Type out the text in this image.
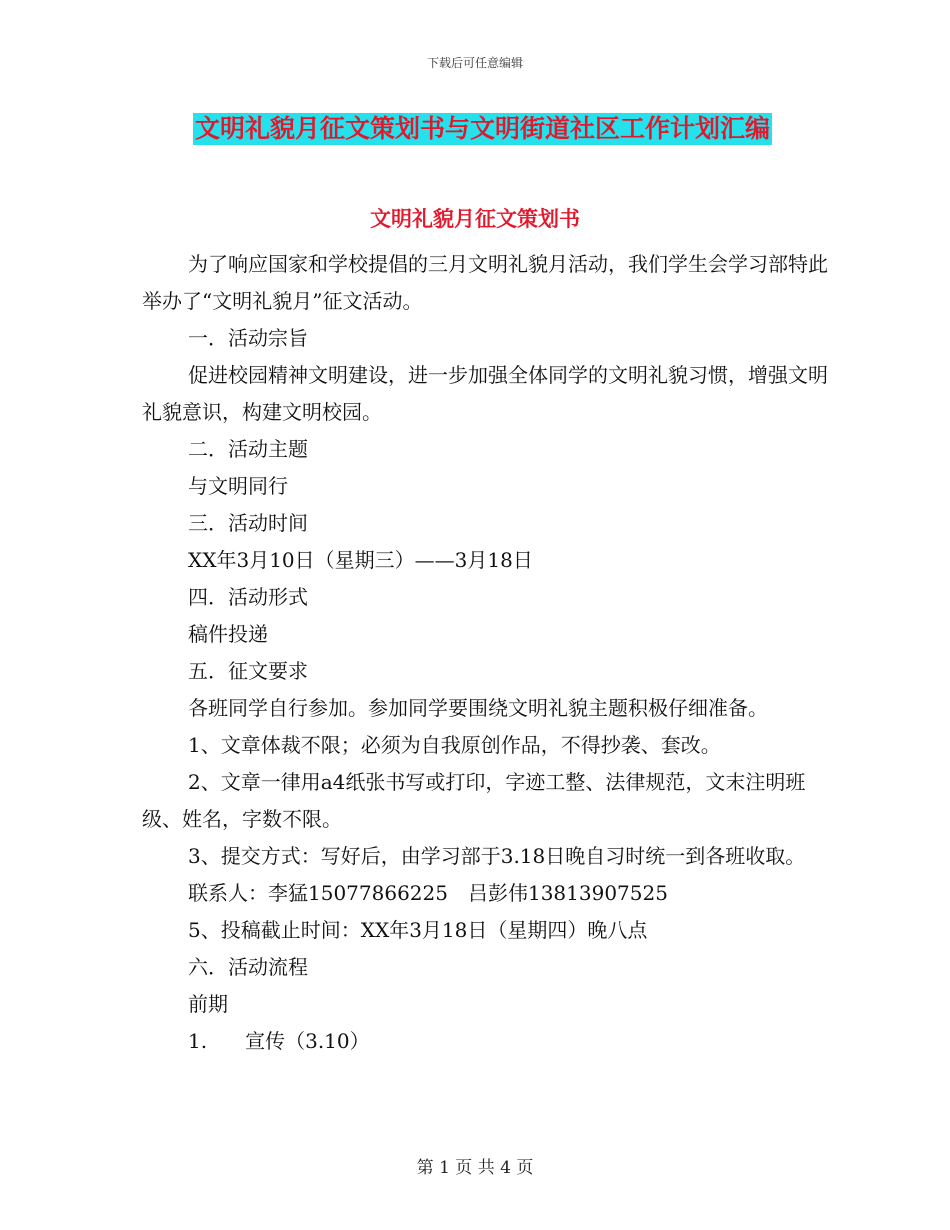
下载后可任意编辑
文明礼貌月征文策划书与文明街道社区工作计划汇编
文明礼貌月征文策划书

为了响应国家和学校提倡的三月文明礼貌月活动，我们学生会学习部特此举办了“文明礼貌月”征文活动。

一．活动宗旨

促进校园精神文明建设，进一步加强全体同学的文明礼貌习惯，增强文明礼貌意识，构建文明校园。

二．活动主题

与文明同行

三．活动时间

XX年3月10日（星期三）——3月18日

四．活动形式

稿件投递

五．征文要求

各班同学自行参加。参加同学要围绕文明礼貌主题积极仔细准备。

1、文章体裁不限；必须为自我原创作品，不得抄袭、套改。

2、文章一律用a4纸张书写或打印，字迹工整、法律规范，文末注明班级、姓名，字数不限。

3、提交方式：写好后，由学习部于3.18日晚自习时统一到各班收取。

联系人：李猛15077866225　吕彭伟13813907525

5、投稿截止时间：XX年3月18日（星期四）晚八点

六．活动流程

前期

1. 宣传（3.10）

第 1 页 共 4 页
